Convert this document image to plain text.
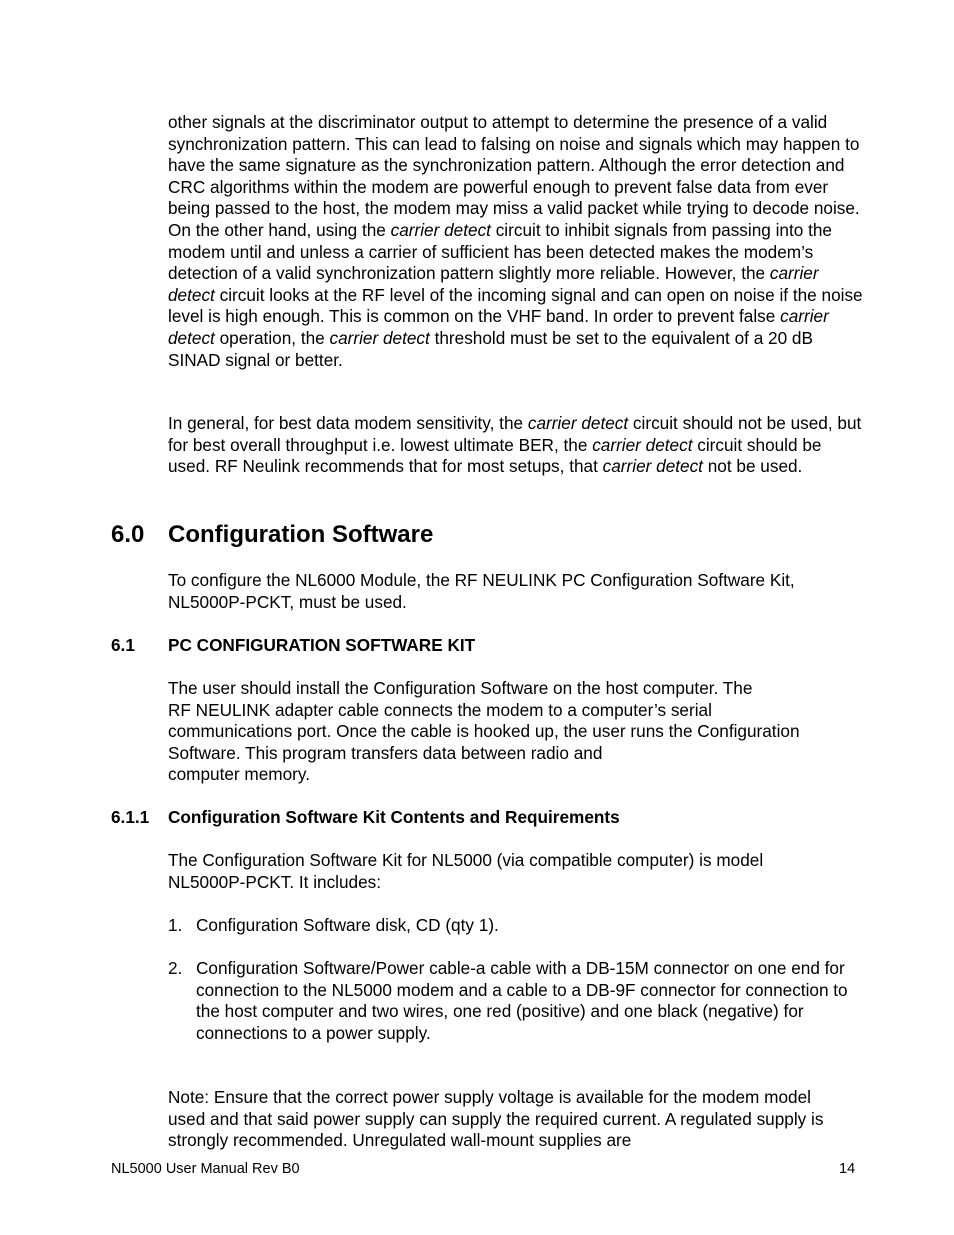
other signals at the discriminator output to attempt to determine the presence of a valid synchronization pattern. This can lead to falsing on noise and signals which may happen to have the same signature as the synchronization pattern. Although the error detection and CRC algorithms within the modem are powerful enough to prevent false data from ever being passed to the host, the modem may miss a valid packet while trying to decode noise. On the other hand, using the carrier detect circuit to inhibit signals from passing into the modem until and unless a carrier of sufficient has been detected makes the modem’s detection of a valid synchronization pattern slightly more reliable. However, the carrier detect circuit looks at the RF level of the incoming signal and can open on noise if the noise level is high enough. This is common on the VHF band. In order to prevent false carrier detect operation, the carrier detect threshold must be set to the equivalent of a 20 dB SINAD signal or better.

In general, for best data modem sensitivity, the carrier detect circuit should not be used, but for best overall throughput i.e. lowest ultimate BER, the carrier detect circuit should be used. RF Neulink recommends that for most setups, that carrier detect not be used.

6.0 Configuration Software

To configure the NL6000 Module, the RF NEULINK PC Configuration Software Kit, NL5000P-PCKT, must be used.

6.1 PC CONFIGURATION SOFTWARE KIT
The user should install the Configuration Software on the host computer. The
RF NEULINK adapter cable connects the modem to a computer’s serial
communications port. Once the cable is hooked up, the user runs the Configuration
Software. This program transfers data between radio and
computer memory.
6.1.1 Configuration Software Kit Contents and Requirements

The Configuration Software Kit for NL5000 (via compatible computer) is model NL5000P-PCKT. It includes:

1. Configuration Software disk, CD (qty 1).
2. Configuration Software/Power cable-a cable with a DB-15M connector on one end for connection to the NL5000 modem and a cable to a DB-9F connector for connection to the host computer and two wires, one red (positive) and one black (negative) for connections to a power supply.

Note: Ensure that the correct power supply voltage is available for the modem model used and that said power supply can supply the required current. A regulated supply is strongly recommended. Unregulated wall-mount supplies are

NL5000 User Manual Rev B0	14
